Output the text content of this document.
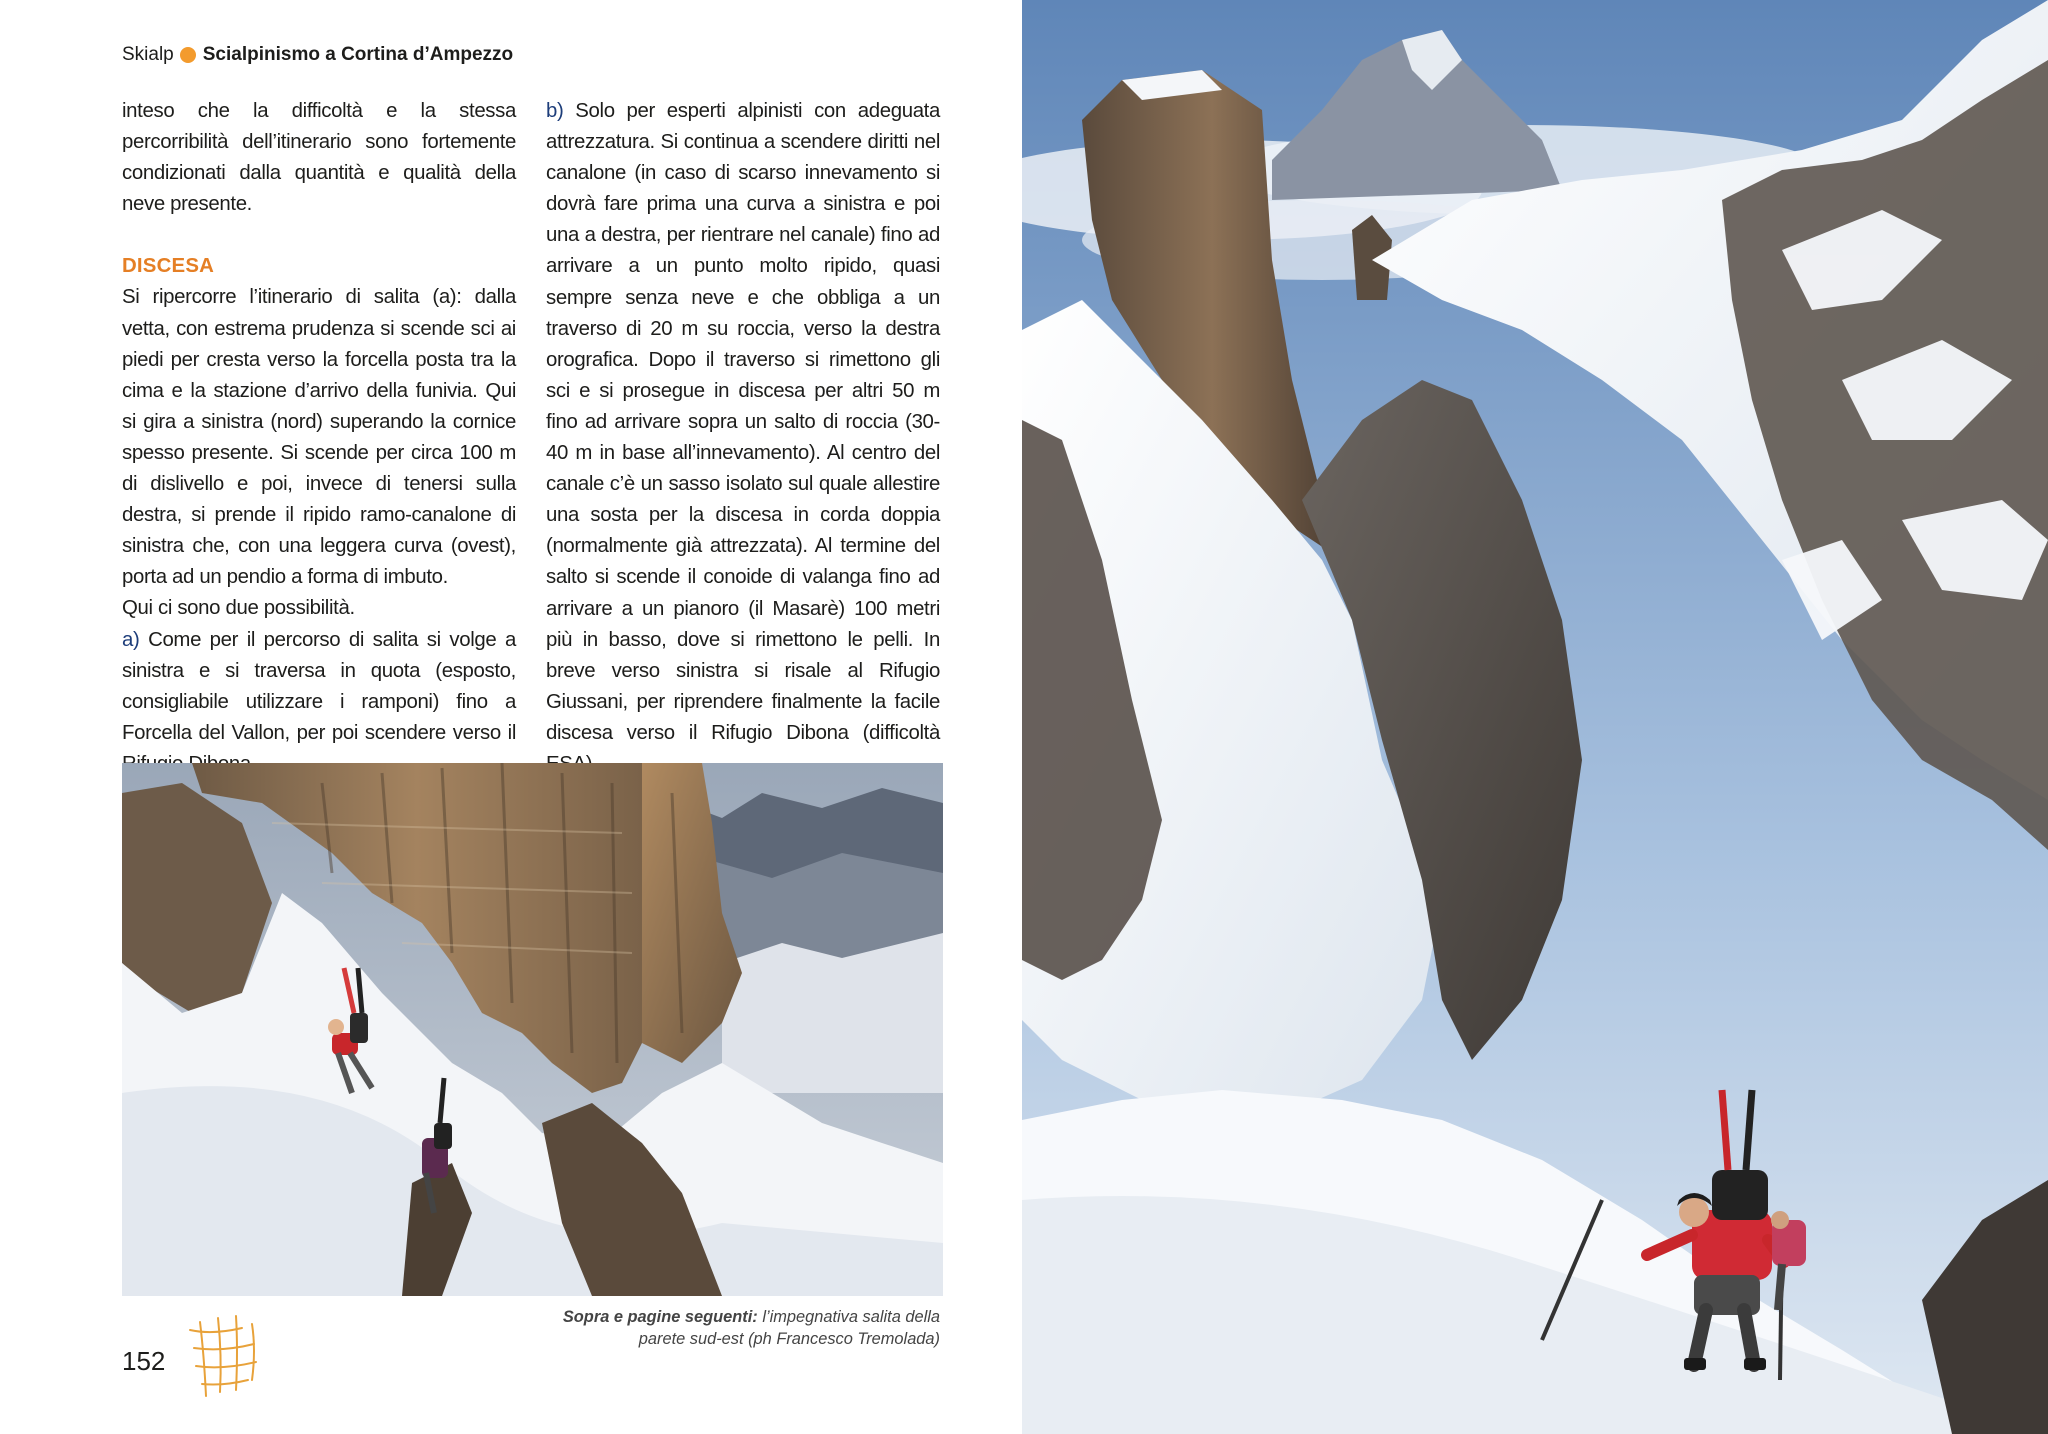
Skialp Scialpinismo a Cortina d’Ampezzo

inteso che la difficoltà e la stessa percorribilità dell’itinerario sono fortemente condizionati dalla quantità e qualità della neve presente.

DISCESA

Si ripercorre l’itinerario di salita (a): dalla vetta, con estrema prudenza si scende sci ai piedi per cresta verso la forcella posta tra la cima e la stazione d’arrivo della funivia. Qui si gira a sinistra (nord) superando la cornice spesso presente. Si scende per circa 100 m di dislivello e poi, invece di tenersi sulla destra, si prende il ripido ramo-canalone di sinistra che, con una leggera curva (ovest), porta ad un pendio a forma di imbuto.

Qui ci sono due possibilità.

a) Come per il percorso di salita si volge a sinistra e si traversa in quota (esposto, consigliabile utilizzare i ramponi) fino a Forcella del Vallon, per poi scendere verso il

b) Solo per esperti alpinisti con adeguata attrezzatura. Si continua a scendere diritti nel canalone (in caso di scarso innevamento si dovrà fare prima una curva a sinistra e poi una a destra, per rientrare nel canale) fino ad arrivare a un punto molto ripido, quasi sempre senza neve e che obbliga a un traverso di 20 m su roccia, verso la destra orografica. Dopo il traverso si rimettono gli sci e si prosegue in discesa per altri 50 m fino ad arrivare sopra un salto di roccia (30-40 m in base all’innevamento). Al centro del canale c’è un sasso isolato sul quale allestire una sosta per la discesa in corda doppia (normalmente già attrezzata). Al termine del salto si scende il conoide di valanga fino ad arrivare a un pianoro (il Masarè) 100 metri più in basso, dove si rimettono le pelli. In breve verso sinistra si risale al Rifugio Giussani, per riprendere finalmente la facile discesa verso il Rifugio Dibona (difficoltà

Sopra e pagine seguenti: l’impegnativa salita della parete sud-est (ph Francesco Tremolada)
152
